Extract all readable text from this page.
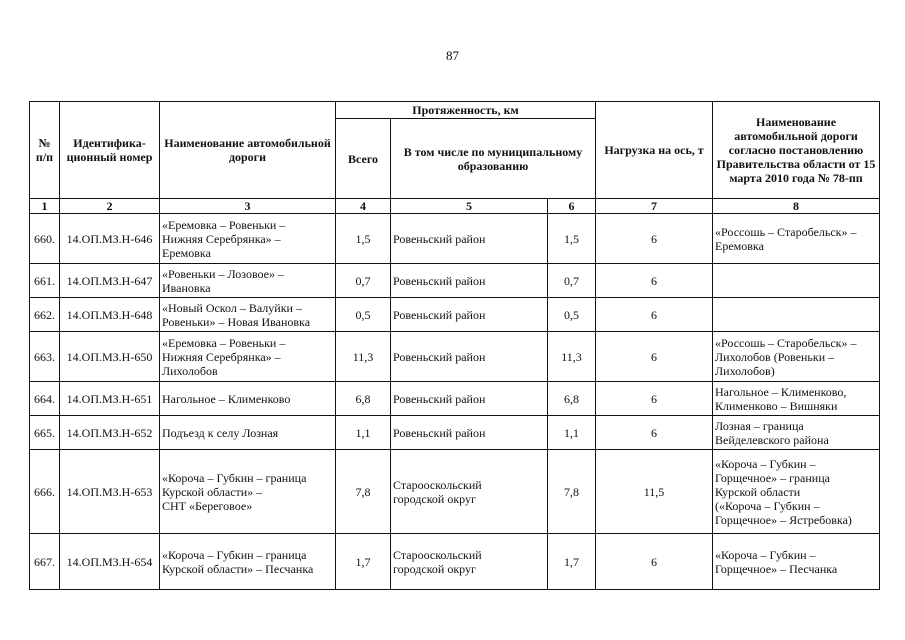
87
№ п/п	Идентифика- ционный номер	Наименование автомобильной дороги	Протяженность, км			Нагрузка на ось, т	Наименование автомобильной дороги согласно постановлению Правительства области от 15 марта 2010 года № 78-пп
			Всего	В том числе по муниципальному образованию			
1	2	3	4	5	6	7	8
660.	14.ОП.МЗ.Н-646	«Еремовка – Ровеньки –
Нижняя Серебрянка» –
Еремовка	1,5	Ровеньский район	1,5	6	«Россошь – Старобельск» –
Еремовка
661.	14.ОП.МЗ.Н-647	«Ровеньки – Лозовое» –
Ивановка	0,7	Ровеньский район	0,7	6	
662.	14.ОП.МЗ.Н-648	«Новый Оскол – Валуйки –
Ровеньки» – Новая Ивановка	0,5	Ровеньский район	0,5	6	
663.	14.ОП.МЗ.Н-650	«Еремовка – Ровеньки –
Нижняя Серебрянка» –
Лихолобов	11,3	Ровеньский район	11,3	6	«Россошь – Старобельск» –
Лихолобов (Ровеньки –
Лихолобов)
664.	14.ОП.МЗ.Н-651	Нагольное – Клименково	6,8	Ровеньский район	6,8	6	Нагольное – Клименково,
Клименково – Вишняки
665.	14.ОП.МЗ.Н-652	Подъезд к селу Лозная	1,1	Ровеньский район	1,1	6	Лозная – граница
Вейделевского района
666.	14.ОП.МЗ.Н-653	«Короча – Губкин – граница
Курской области» –
СНТ «Береговое»	7,8	Старооскольский
городской округ	7,8	11,5	«Короча – Губкин –
Горщечное» – граница
Курской области
(«Короча – Губкин –
Горщечное» – Ястребовка)
667.	14.ОП.МЗ.Н-654	«Короча – Губкин – граница
Курской области» – Песчанка	1,7	Старооскольский
городской округ	1,7	6	«Короча – Губкин –
Горщечное» – Песчанка
